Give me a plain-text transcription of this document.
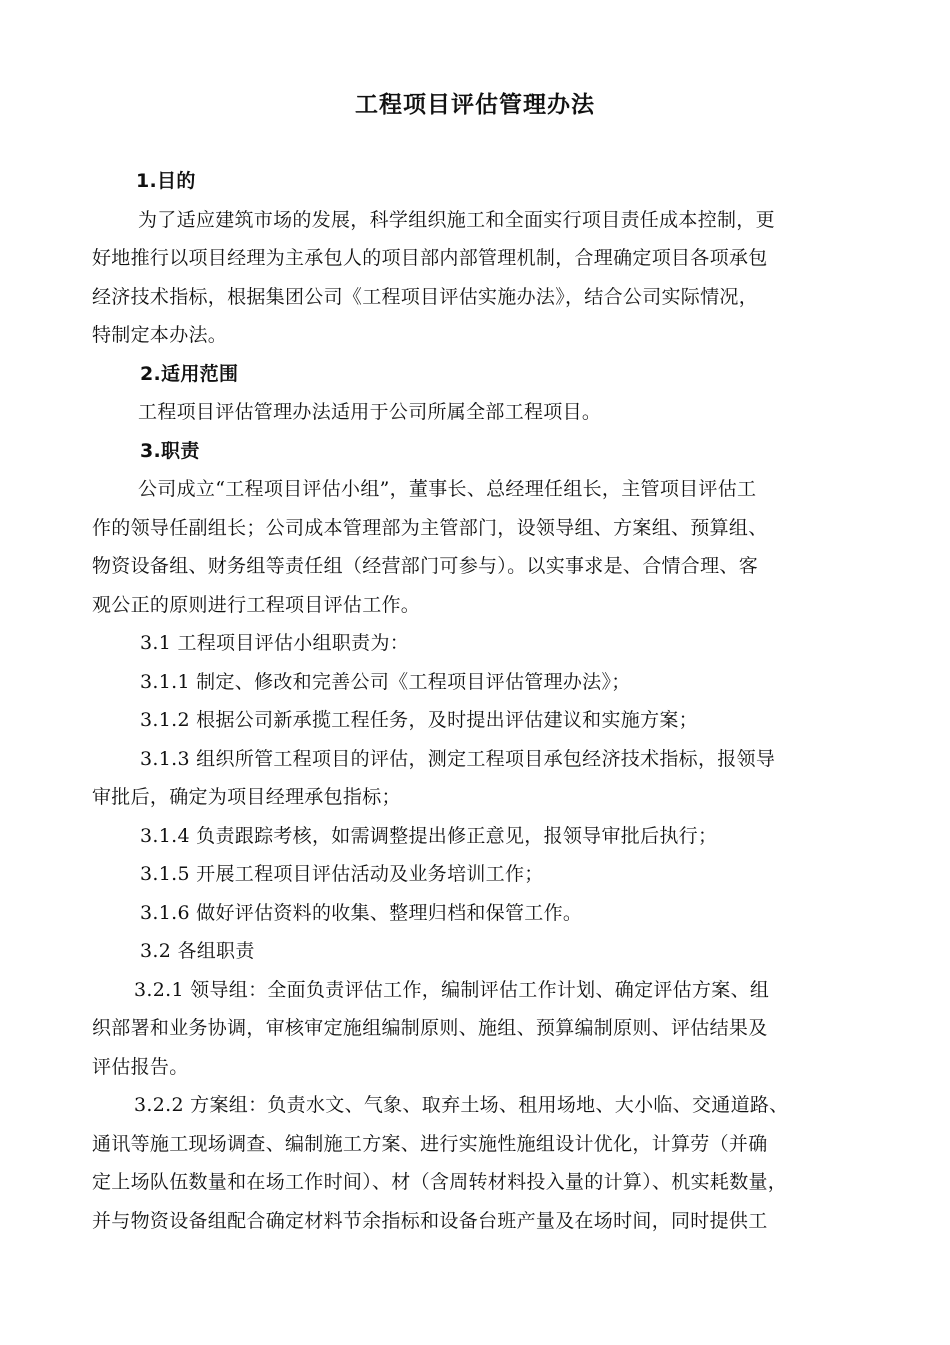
工程项目评估管理办法
1.目的
为了适应建筑市场的发展，科学组织施工和全面实行项目责任成本控制，更
好地推行以项目经理为主承包人的项目部内部管理机制，合理确定项目各项承包
经济技术指标，根据集团公司《工程项目评估实施办法》，结合公司实际情况，
特制定本办法。
2.适用范围
工程项目评估管理办法适用于公司所属全部工程项目。
3.职责
公司成立“工程项目评估小组”，董事长、总经理任组长，主管项目评估工
作的领导任副组长；公司成本管理部为主管部门，设领导组、方案组、预算组、
物资设备组、财务组等责任组（经营部门可参与）。以实事求是、合情合理、客
观公正的原则进行工程项目评估工作。
3.1 工程项目评估小组职责为：
3.1.1 制定、修改和完善公司《工程项目评估管理办法》；
3.1.2 根据公司新承揽工程任务，及时提出评估建议和实施方案；
3.1.3 组织所管工程项目的评估，测定工程项目承包经济技术指标，报领导
审批后，确定为项目经理承包指标；
3.1.4 负责跟踪考核，如需调整提出修正意见，报领导审批后执行；
3.1.5 开展工程项目评估活动及业务培训工作；
3.1.6 做好评估资料的收集、整理归档和保管工作。
3.2 各组职责
3.2.1 领导组：全面负责评估工作，编制评估工作计划、确定评估方案、组
织部署和业务协调，审核审定施组编制原则、施组、预算编制原则、评估结果及
评估报告。
3.2.2 方案组：负责水文、气象、取弃土场、租用场地、大小临、交通道路、
通讯等施工现场调查、编制施工方案、进行实施性施组设计优化，计算劳（并确
定上场队伍数量和在场工作时间）、材（含周转材料投入量的计算）、机实耗数量，
并与物资设备组配合确定材料节余指标和设备台班产量及在场时间，同时提供工
